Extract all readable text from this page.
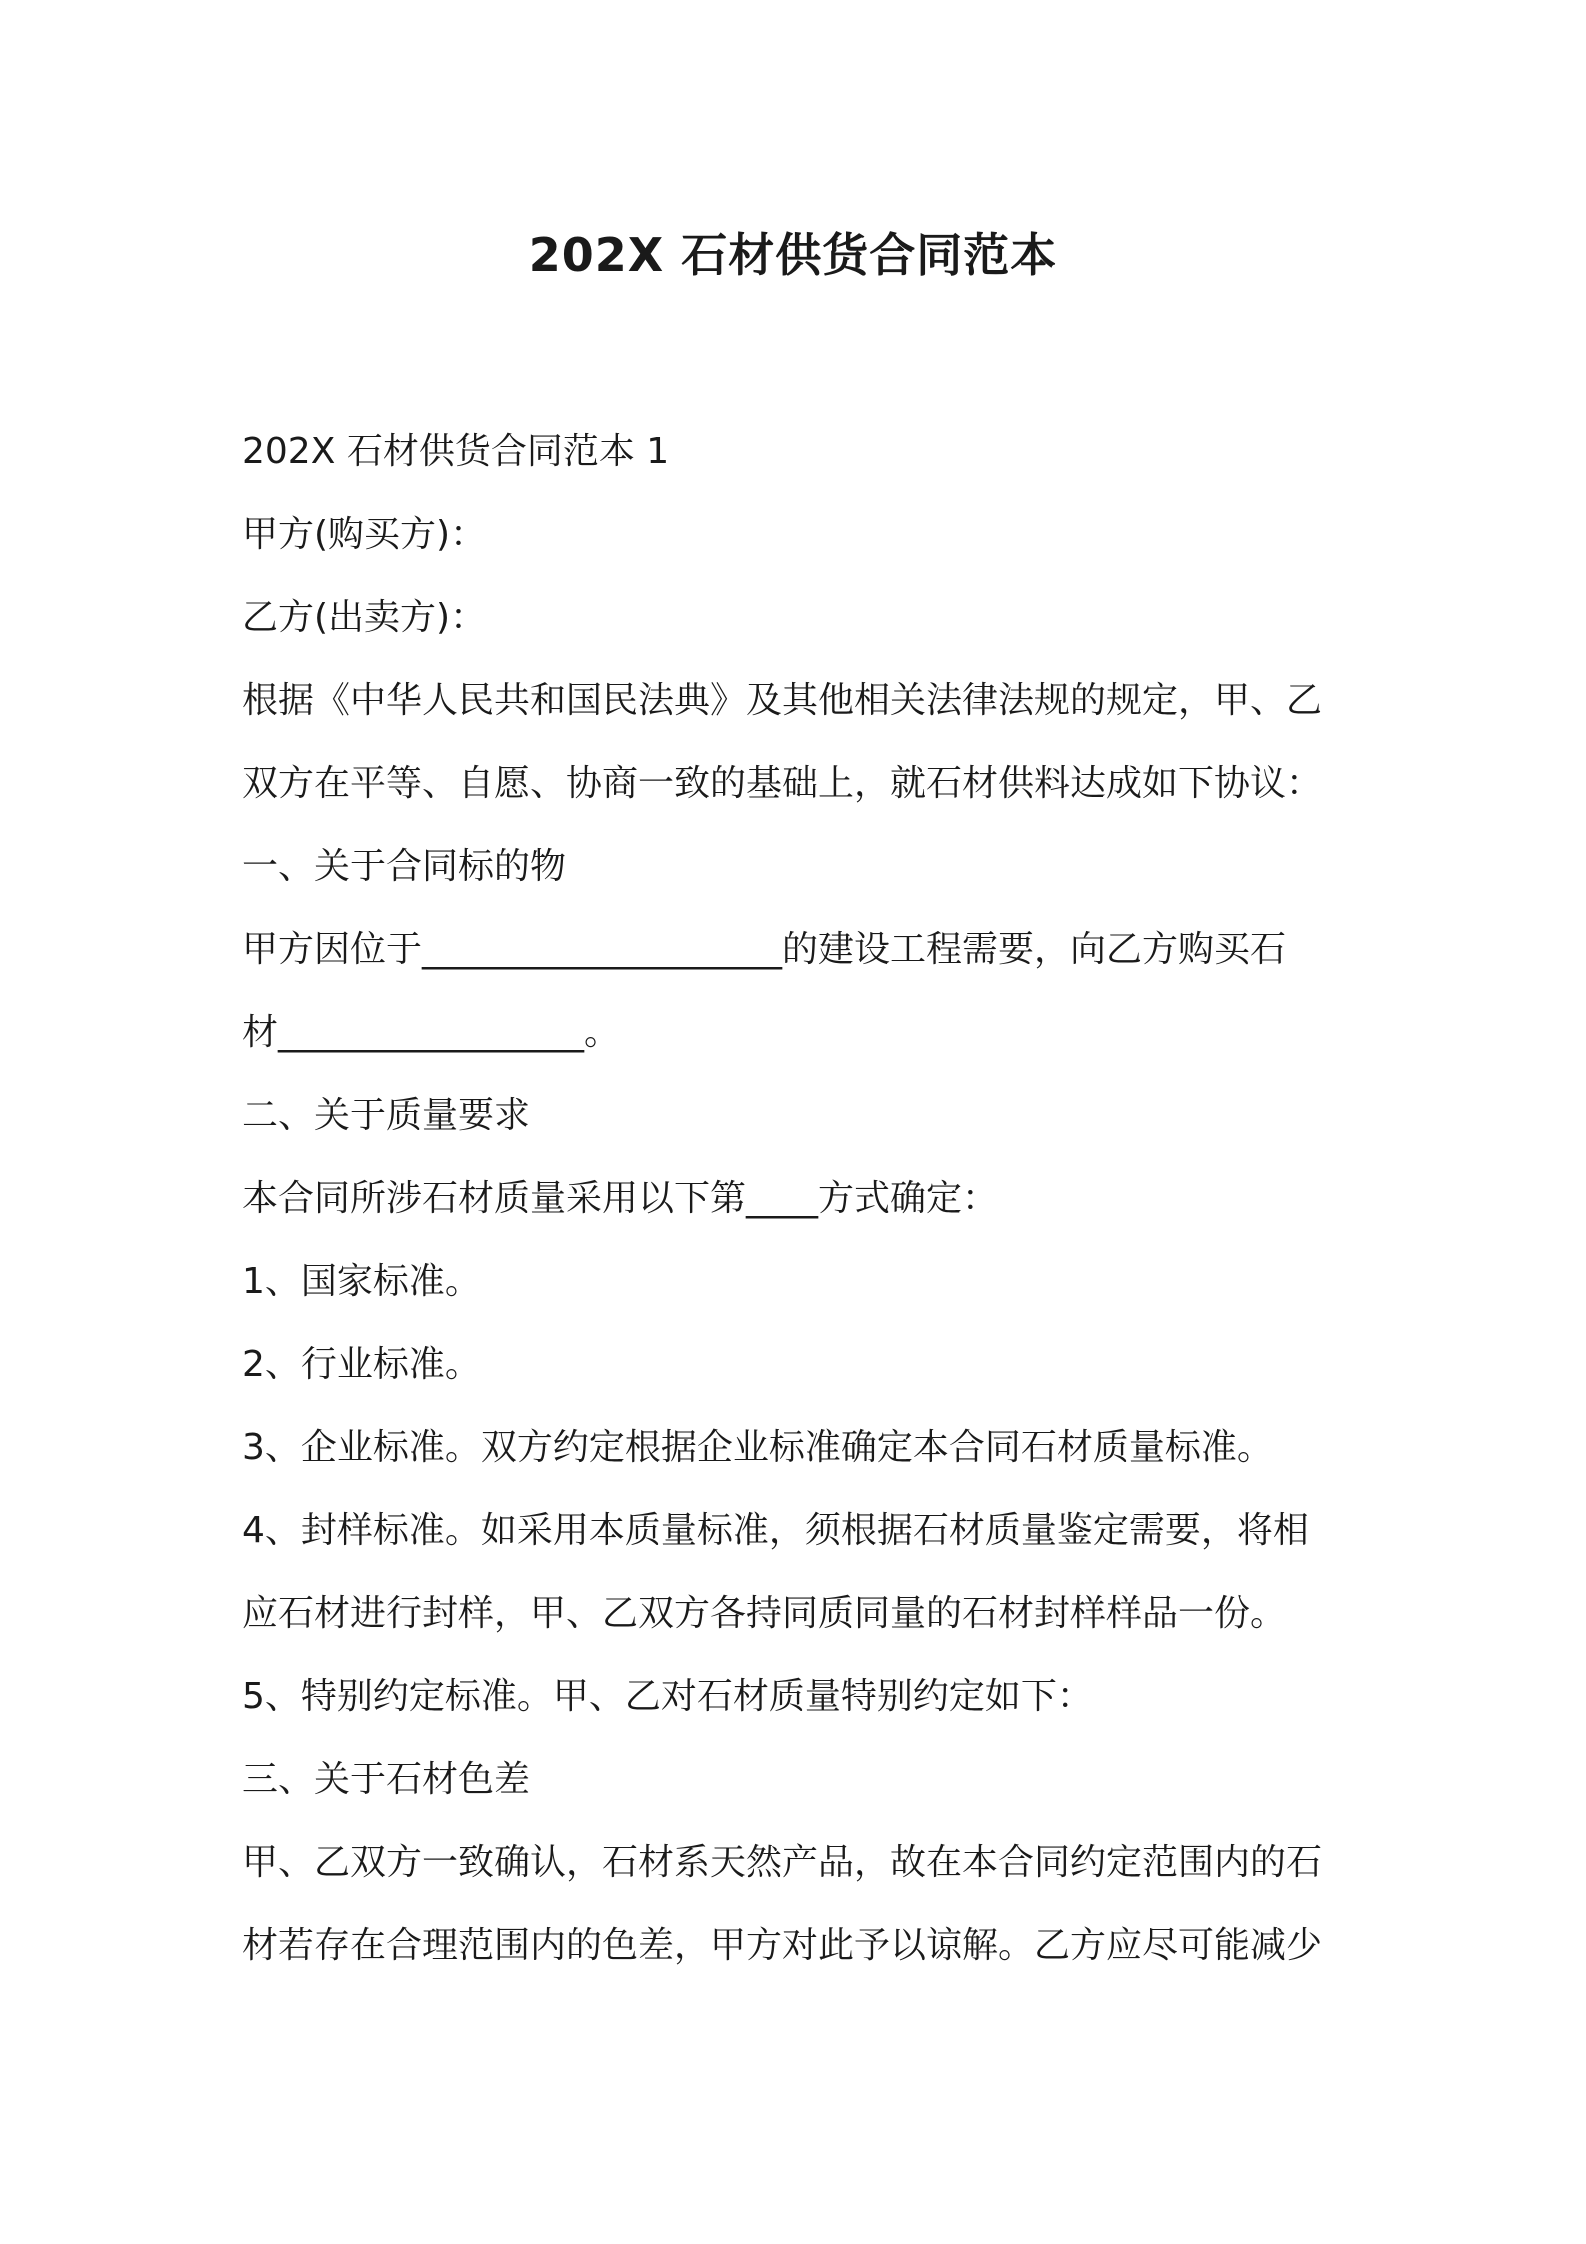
202X 石材供货合同范本
202X 石材供货合同范本 1
甲方(购买方)：
乙方(出卖方)：
根据《中华人民共和国民法典》及其他相关法律法规的规定，甲、乙
双方在平等、自愿、协商一致的基础上，就石材供料达成如下协议：
一、关于合同标的物
甲方因位于____________________的建设工程需要，向乙方购买石
材_________________。
二、关于质量要求
本合同所涉石材质量采用以下第____方式确定：
1、国家标准。
2、行业标准。
3、企业标准。双方约定根据企业标准确定本合同石材质量标准。
4、封样标准。如采用本质量标准，须根据石材质量鉴定需要，将相
应石材进行封样，甲、乙双方各持同质同量的石材封样样品一份。
5、特别约定标准。甲、乙对石材质量特别约定如下：
三、关于石材色差
甲、乙双方一致确认，石材系天然产品，故在本合同约定范围内的石
材若存在合理范围内的色差，甲方对此予以谅解。乙方应尽可能减少
